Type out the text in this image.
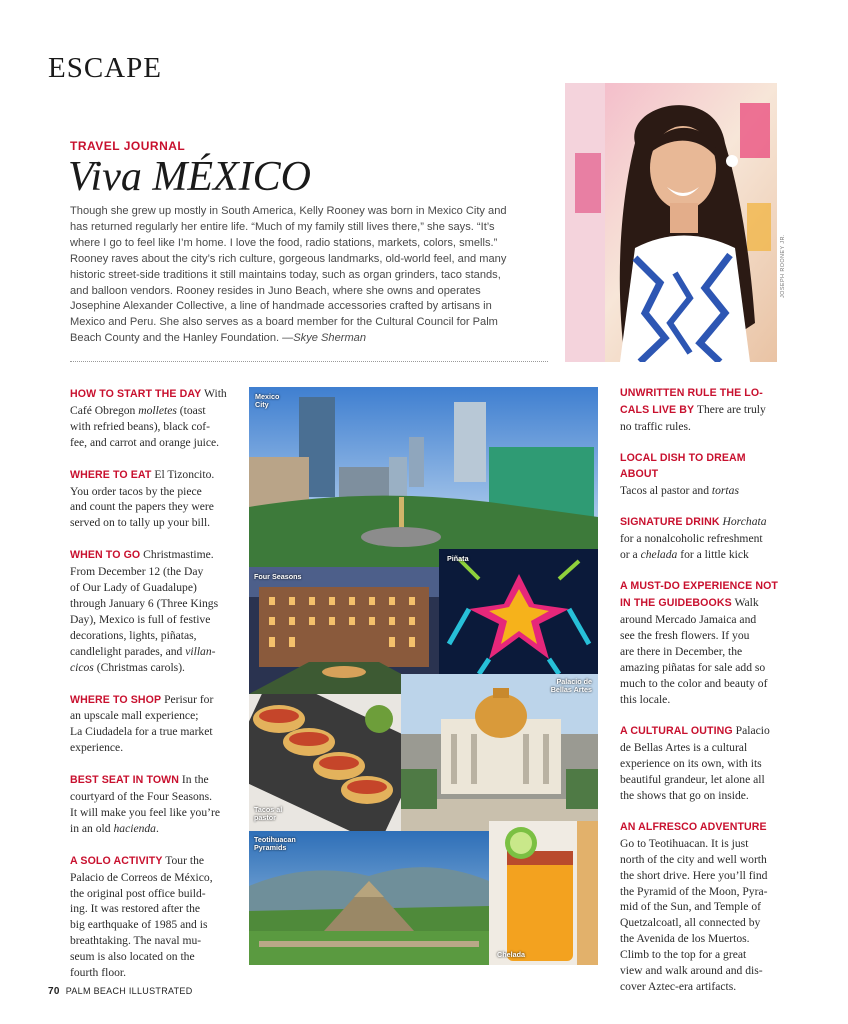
ESCAPE
TRAVEL JOURNAL
Viva MÉXICO
Though she grew up mostly in South America, Kelly Rooney was born in Mexico City and
has returned regularly her entire life. “Much of my family still lives there,” she says. “It’s
where I go to feel like I’m home. I love the food, radio stations, markets, colors, smells.”
Rooney raves about the city’s rich culture, gorgeous landmarks, old-world feel, and many
historic street-side traditions it still maintains today, such as organ grinders, taco stands,
and balloon vendors. Rooney resides in Juno Beach, where she owns and operates
Josephine Alexander Collective, a line of handmade accessories crafted by artisans in
Mexico and Peru. She also serves as a board member for the Cultural Council for Palm
Beach County and the Hanley Foundation. —Skye Sherman
JOSEPH ROONEY JR.
HOW TO START THE DAY With
Café Obregon molletes (toast
with refried beans), black cof-
fee, and carrot and orange juice.
WHERE TO EAT El Tizoncito.
You order tacos by the piece
and count the papers they were
served on to tally up your bill.
WHEN TO GO Christmastime.
From December 12 (the Day
of Our Lady of Guadalupe)
through January 6 (Three Kings
Day), Mexico is full of festive
decorations, lights, piñatas,
candlelight parades, and villan-
cicos (Christmas carols).
WHERE TO SHOP Perisur for
an upscale mall experience;
La Ciudadela for a true market
experience.
BEST SEAT IN TOWN In the
courtyard of the Four Seasons.
It will make you feel like you’re
in an old hacienda.
A SOLO ACTIVITY Tour the
Palacio de Correos de México,
the original post office build-
ing. It was restored after the
big earthquake of 1985 and is
breathtaking. The naval mu-
seum is also located on the
fourth floor.
Mexico
City
Four Seasons
Piñata
Palacio de
Bellas Artes
Tacos al
pastor
Teotihuacan
Pyramids
Chelada
UNWRITTEN RULE THE LO-
CALS LIVE BY There are truly
no traffic rules.
LOCAL DISH TO DREAM ABOUT
Tacos al pastor and tortas
SIGNATURE DRINK Horchata
for a nonalcoholic refreshment
or a chelada for a little kick
A MUST-DO EXPERIENCE NOT
IN THE GUIDEBOOKS Walk
around Mercado Jamaica and
see the fresh flowers. If you
are there in December, the
amazing piñatas for sale add so
much to the color and beauty of
this locale.
A CULTURAL OUTING Palacio
de Bellas Artes is a cultural
experience on its own, with its
beautiful grandeur, let alone all
the shows that go on inside.
AN ALFRESCO ADVENTURE
Go to Teotihuacan. It is just
north of the city and well worth
the short drive. Here you’ll find
the Pyramid of the Moon, Pyra-
mid of the Sun, and Temple of
Quetzalcoatl, all connected by
the Avenida de los Muertos.
Climb to the top for a great
view and walk around and dis-
cover Aztec-era artifacts.
70 PALM BEACH ILLUSTRATED
